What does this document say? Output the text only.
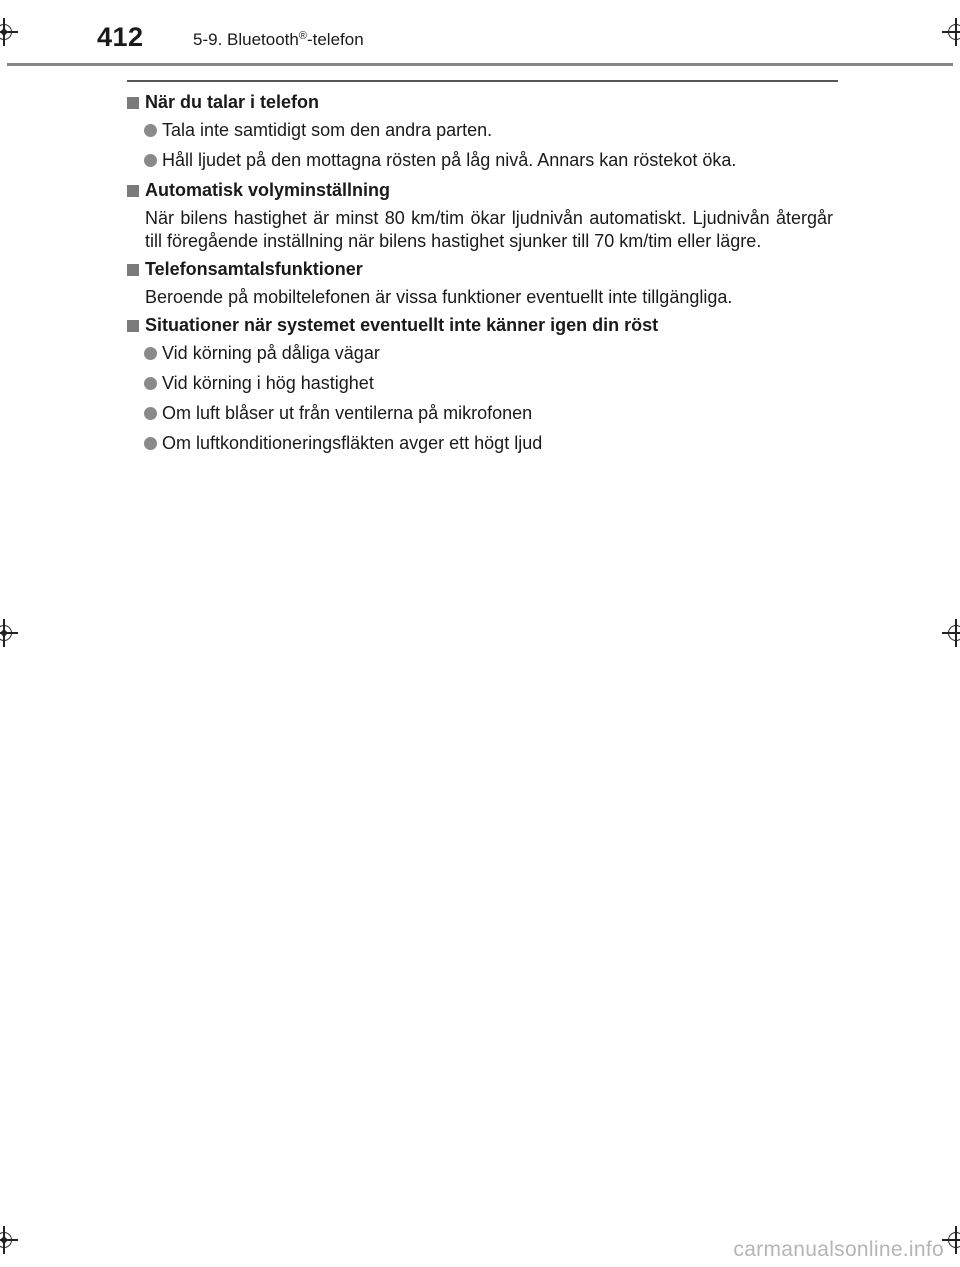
412	5-9. Bluetooth®-telefon
När du talar i telefon
Tala inte samtidigt som den andra parten.
Håll ljudet på den mottagna rösten på låg nivå. Annars kan röstekot öka.
Automatisk volyminställning
När bilens hastighet är minst 80 km/tim ökar ljudnivån automatiskt. Ljudnivån återgår till föregående inställning när bilens hastighet sjunker till 70 km/tim eller lägre.
Telefonsamtalsfunktioner
Beroende på mobiltelefonen är vissa funktioner eventuellt inte tillgängliga.
Situationer när systemet eventuellt inte känner igen din röst
Vid körning på dåliga vägar
Vid körning i hög hastighet
Om luft blåser ut från ventilerna på mikrofonen
Om luftkonditioneringsfläkten avger ett högt ljud
carmanualsonline.info
